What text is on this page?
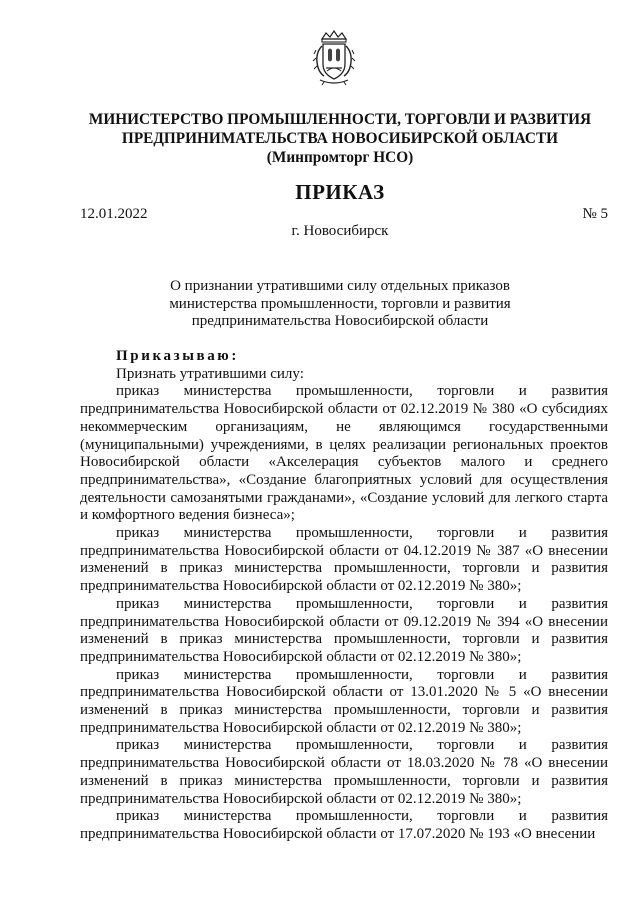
МИНИСТЕРСТВО ПРОМЫШЛЕННОСТИ, ТОРГОВЛИ И РАЗВИТИЯ
ПРЕДПРИНИМАТЕЛЬСТВА НОВОСИБИРСКОЙ ОБЛАСТИ
(Минпромторг НСО)
ПРИКАЗ
12.01.2022	№ 5
г. Новосибирск
О признании утратившими силу отдельных приказов министерства промышленности, торговли и развития предпринимательства Новосибирской области

Приказываю:

Признать утратившими силу:

приказ министерства промышленности, торговли и развития предпринимательства Новосибирской области от 02.12.2019 № 380 «О субсидиях некоммерческим организациям, не являющимся государственными (муниципальными) учреждениями, в целях реализации региональных проектов Новосибирской области «Акселерация субъектов малого и среднего предпринимательства», «Создание благоприятных условий для осуществления деятельности самозанятыми гражданами», «Создание условий для легкого старта и комфортного ведения бизнеса»;

приказ министерства промышленности, торговли и развития предпринимательства Новосибирской области от 04.12.2019 № 387 «О внесении изменений в приказ министерства промышленности, торговли и развития предпринимательства Новосибирской области от 02.12.2019 № 380»;

приказ министерства промышленности, торговли и развития предпринимательства Новосибирской области от 09.12.2019 № 394 «О внесении изменений в приказ министерства промышленности, торговли и развития предпринимательства Новосибирской области от 02.12.2019 № 380»;

приказ министерства промышленности, торговли и развития предпринимательства Новосибирской области от 13.01.2020 № 5 «О внесении изменений в приказ министерства промышленности, торговли и развития предпринимательства Новосибирской области от 02.12.2019 № 380»;

приказ министерства промышленности, торговли и развития предпринимательства Новосибирской области от 18.03.2020 № 78 «О внесении изменений в приказ министерства промышленности, торговли и развития предпринимательства Новосибирской области от 02.12.2019 № 380»;

приказ министерства промышленности, торговли и развития предпринимательства Новосибирской области от 17.07.2020 № 193 «О внесении
